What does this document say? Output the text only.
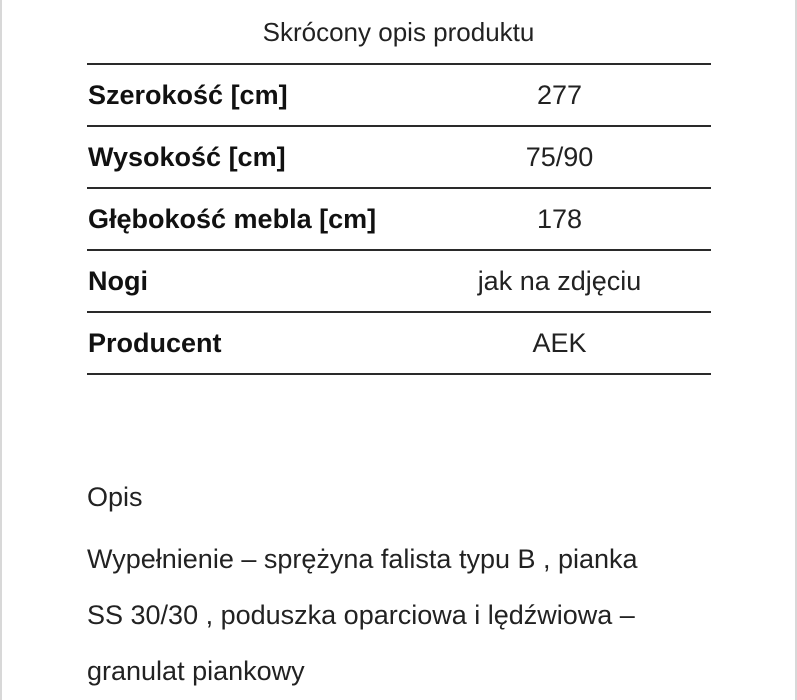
Skrócony opis produktu
Szerokość [cm]	277
Wysokość [cm]	75/90
Głębokość mebla [cm]	178
Nogi	jak na zdjęciu
Producent	AEK
Opis
Wypełnienie – sprężyna falista typu B , pianka
SS 30/30 , poduszka oparciowa i lędźwiowa –
granulat piankowy
